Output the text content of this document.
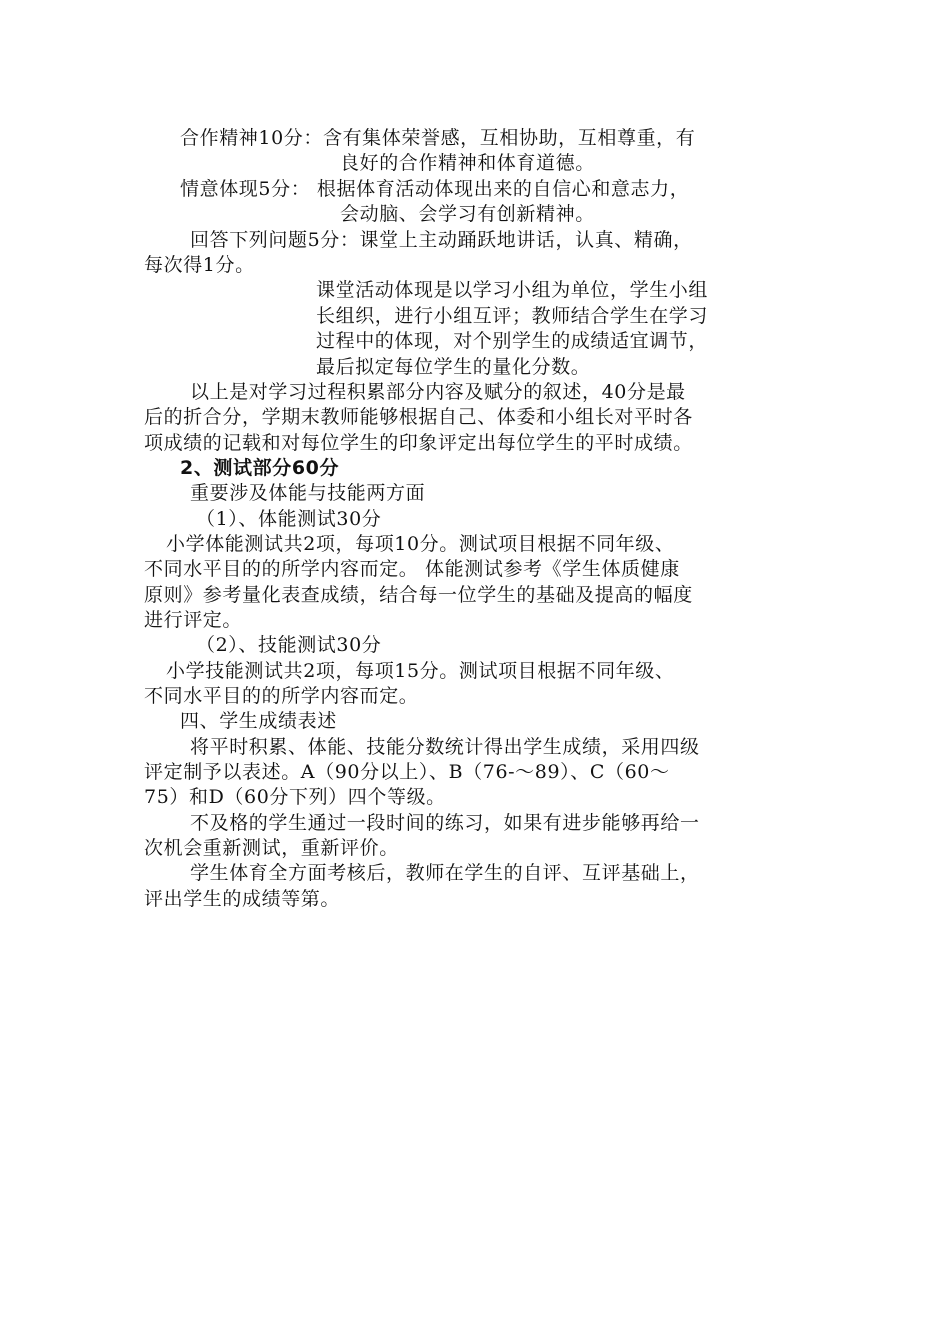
合作精神10分：含有集体荣誉感，互相协助，互相尊重，有
良好的合作精神和体育道德。
情意体现5分： 根据体育活动体现出来的自信心和意志力，
会动脑、会学习有创新精神。
回答下列问题5分：课堂上主动踊跃地讲话，认真、精确，
每次得1分。
课堂活动体现是以学习小组为单位，学生小组
长组织，进行小组互评；教师结合学生在学习
过程中的体现，对个别学生的成绩适宜调节，
最后拟定每位学生的量化分数。
以上是对学习过程积累部分内容及赋分的叙述，40分是最
后的折合分，学期末教师能够根据自己、体委和小组长对平时各
项成绩的记载和对每位学生的印象评定出每位学生的平时成绩。
2、测试部分60分
重要涉及体能与技能两方面
（1）、体能测试30分
小学体能测试共2项，每项10分。测试项目根据不同年级、
不同水平目的的所学内容而定。 体能测试参考《学生体质健康
原则》参考量化表查成绩，结合每一位学生的基础及提高的幅度
进行评定。
（2）、技能测试30分
小学技能测试共2项，每项15分。测试项目根据不同年级、
不同水平目的的所学内容而定。
四、学生成绩表述
将平时积累、体能、技能分数统计得出学生成绩，采用四级
评定制予以表述。A（90分以上）、B（76-～89）、C（60～
75）和D（60分下列）四个等级。
不及格的学生通过一段时间的练习，如果有进步能够再给一
次机会重新测试，重新评价。
学生体育全方面考核后，教师在学生的自评、互评基础上，
评出学生的成绩等第。
